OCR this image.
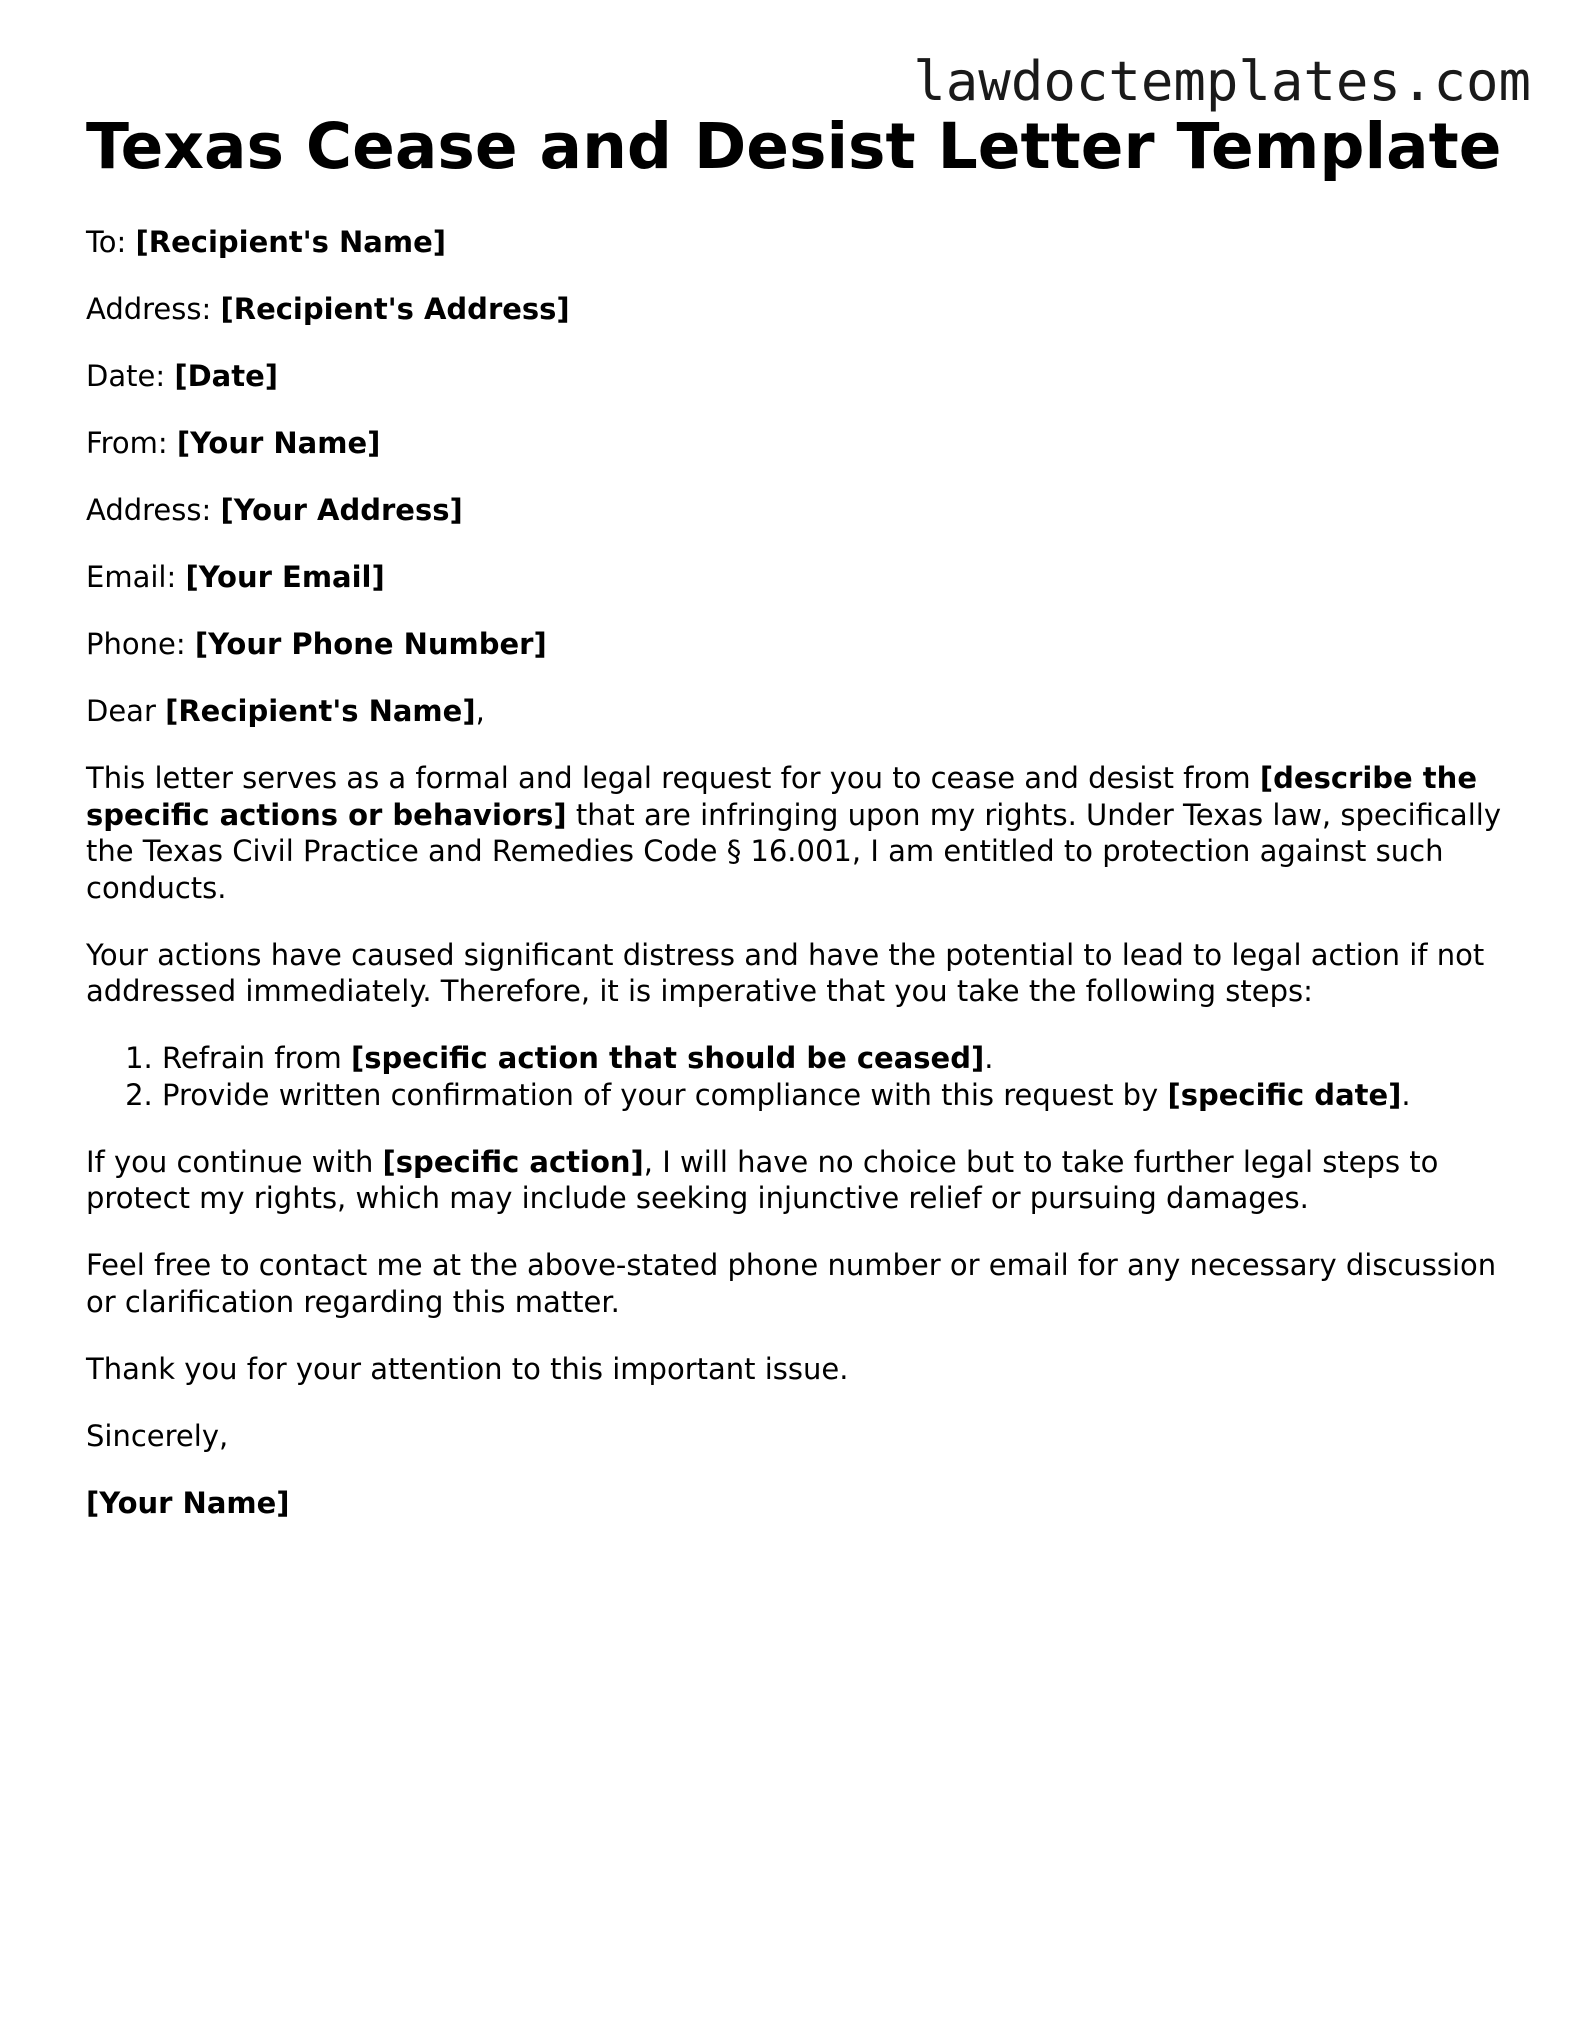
lawdoctemplates.com
Texas Cease and Desist Letter Template

To: [Recipient's Name]

Address: [Recipient's Address]

Date: [Date]

From: [Your Name]

Address: [Your Address]

Email: [Your Email]

Phone: [Your Phone Number]

Dear [Recipient's Name],

This letter serves as a formal and legal request for you to cease and desist from [describe the specific actions or behaviors] that are infringing upon my rights. Under Texas law, specifically the Texas Civil Practice and Remedies Code § 16.001, I am entitled to protection against such conducts.

Your actions have caused significant distress and have the potential to lead to legal action if not addressed immediately. Therefore, it is imperative that you take the following steps:

1. Refrain from [specific action that should be ceased].
2. Provide written confirmation of your compliance with this request by [specific date].

If you continue with [specific action], I will have no choice but to take further legal steps to protect my rights, which may include seeking injunctive relief or pursuing damages.

Feel free to contact me at the above-stated phone number or email for any necessary discussion or clarification regarding this matter.

Thank you for your attention to this important issue.

Sincerely,

[Your Name]
